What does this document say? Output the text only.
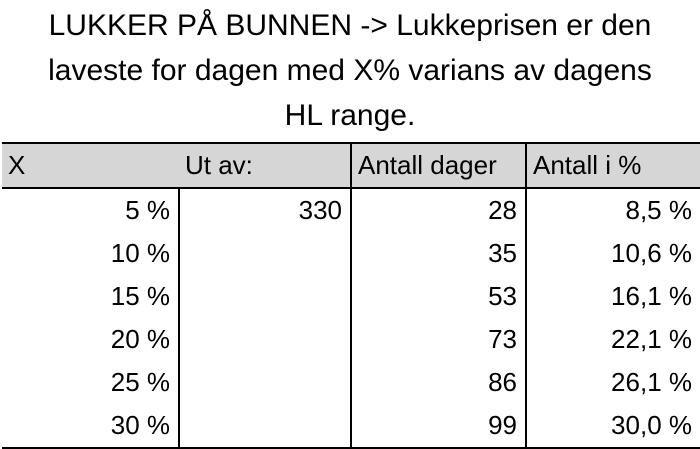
LUKKER PÅ BUNNEN -> Lukkeprisen er den
laveste for dagen med X% varians av dagens
HL range.
X	Ut av:	Antall dager	Antall i %
5 %	330	28	8,5 %
10 %		35	10,6 %
15 %		53	16,1 %
20 %		73	22,1 %
25 %		86	26,1 %
30 %		99	30,0 %
